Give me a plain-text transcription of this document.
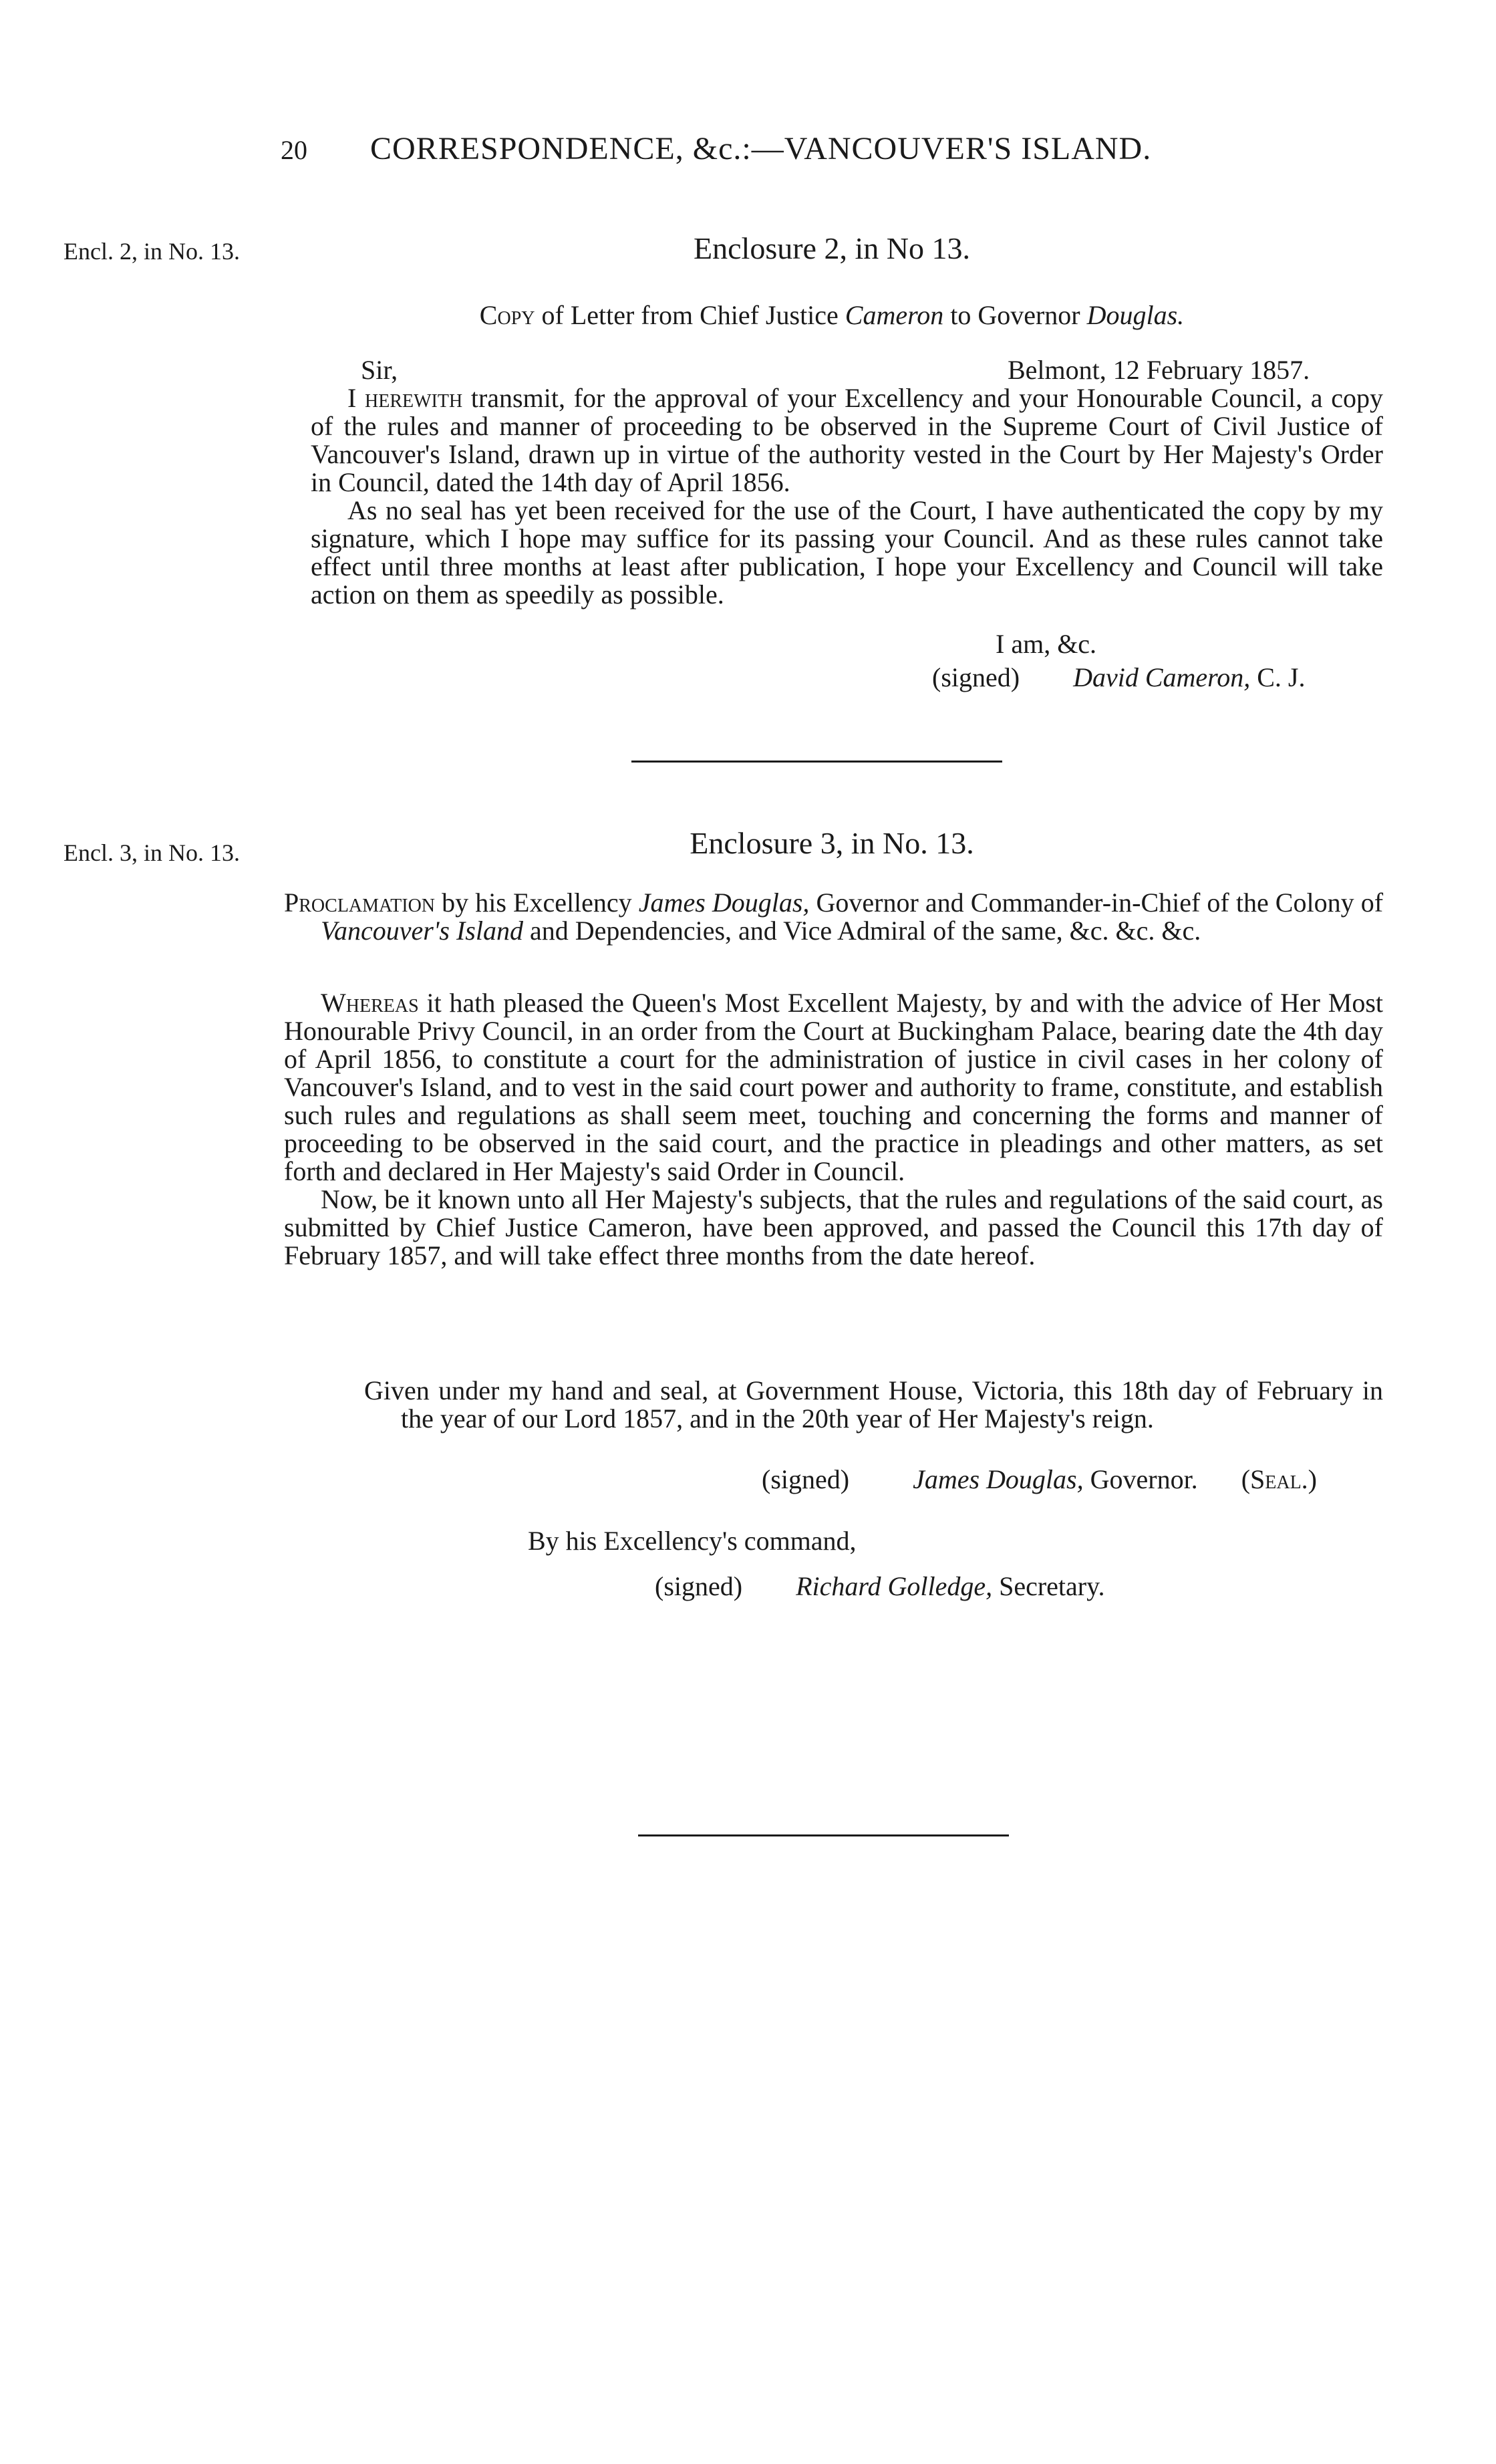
20 CORRESPONDENCE, &c.:—VANCOUVER'S ISLAND.
Encl. 2, in No. 13.	Enclosure 2, in No 13.
Copy of Letter from Chief Justice Cameron to Governor Douglas.
Sir,	Belmont, 12 February 1857.

I herewith transmit, for the approval of your Excellency and your Honourable Council, a copy of the rules and manner of proceeding to be observed in the Supreme Court of Civil Justice of Vancouver's Island, drawn up in virtue of the authority vested in the Court by Her Majesty's Order in Council, dated the 14th day of April 1856.

As no seal has yet been received for the use of the Court, I have authenticated the copy by my signature, which I hope may suffice for its passing your Council. And as these rules cannot take effect until three months at least after publication, I hope your Excellency and Council will take action on them as speedily as possible.

I am, &c.
(signed) David Cameron, C. J.
Encl. 3, in No. 13.	Enclosure 3, in No. 13.

Proclamation by his Excellency James Douglas, Governor and Commander-in-Chief of the Colony of Vancouver's Island and Dependencies, and Vice Admiral of the same, &c. &c. &c.

Whereas it hath pleased the Queen's Most Excellent Majesty, by and with the advice of Her Most Honourable Privy Council, in an order from the Court at Buckingham Palace, bearing date the 4th day of April 1856, to constitute a court for the administration of justice in civil cases in her colony of Vancouver's Island, and to vest in the said court power and authority to frame, constitute, and establish such rules and regulations as shall seem meet, touching and concerning the forms and manner of proceeding to be observed in the said court, and the practice in pleadings and other matters, as set forth and declared in Her Majesty's said Order in Council.

Now, be it known unto all Her Majesty's subjects, that the rules and regulations of the said court, as submitted by Chief Justice Cameron, have been approved, and passed the Council this 17th day of February 1857, and will take effect three months from the date hereof.

Given under my hand and seal, at Government House, Victoria, this 18th day of February in the year of our Lord 1857, and in the 20th year of Her Majesty's reign.

(signed) James Douglas, Governor. (Seal.)
By his Excellency's command,
(signed) Richard Golledge, Secretary.
